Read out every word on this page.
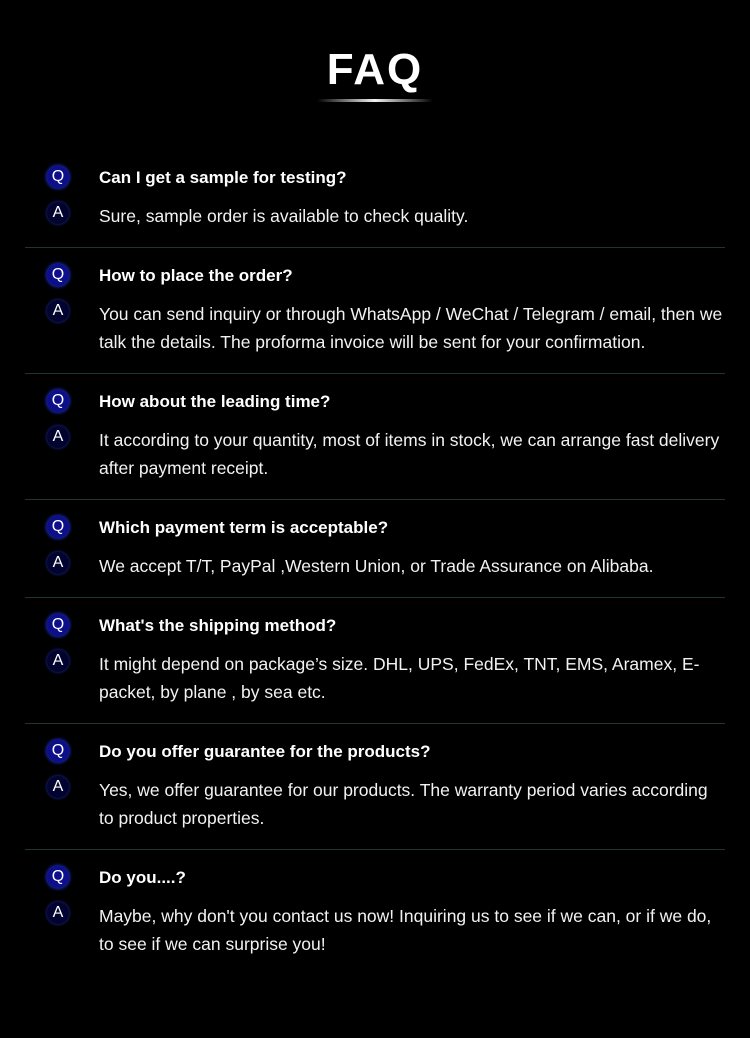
FAQ
Q Can I get a sample for testing?
A	Sure, sample order is available to check quality.
Q How to place the order?
A	You can send inquiry or through WhatsApp / WeChat / Telegram / email, then we talk the details. The proforma invoice will be sent for your confirmation.
Q How about the leading time?
A	It according to your quantity, most of items in stock, we can arrange fast delivery after payment receipt.
Q Which payment term is acceptable?
A	We accept T/T, PayPal ,Western Union, or Trade Assurance on Alibaba.
Q What's the shipping method?
A	It might depend on package’s size. DHL, UPS, FedEx, TNT, EMS, Aramex, E-packet, by plane , by sea etc.
Q Do you offer guarantee for the products?
A	Yes, we offer guarantee for our products. The warranty period varies according to product properties.
Q Do you....?
A	Maybe, why don't you contact us now! Inquiring us to see if we can, or if we do, to see if we can surprise you!
